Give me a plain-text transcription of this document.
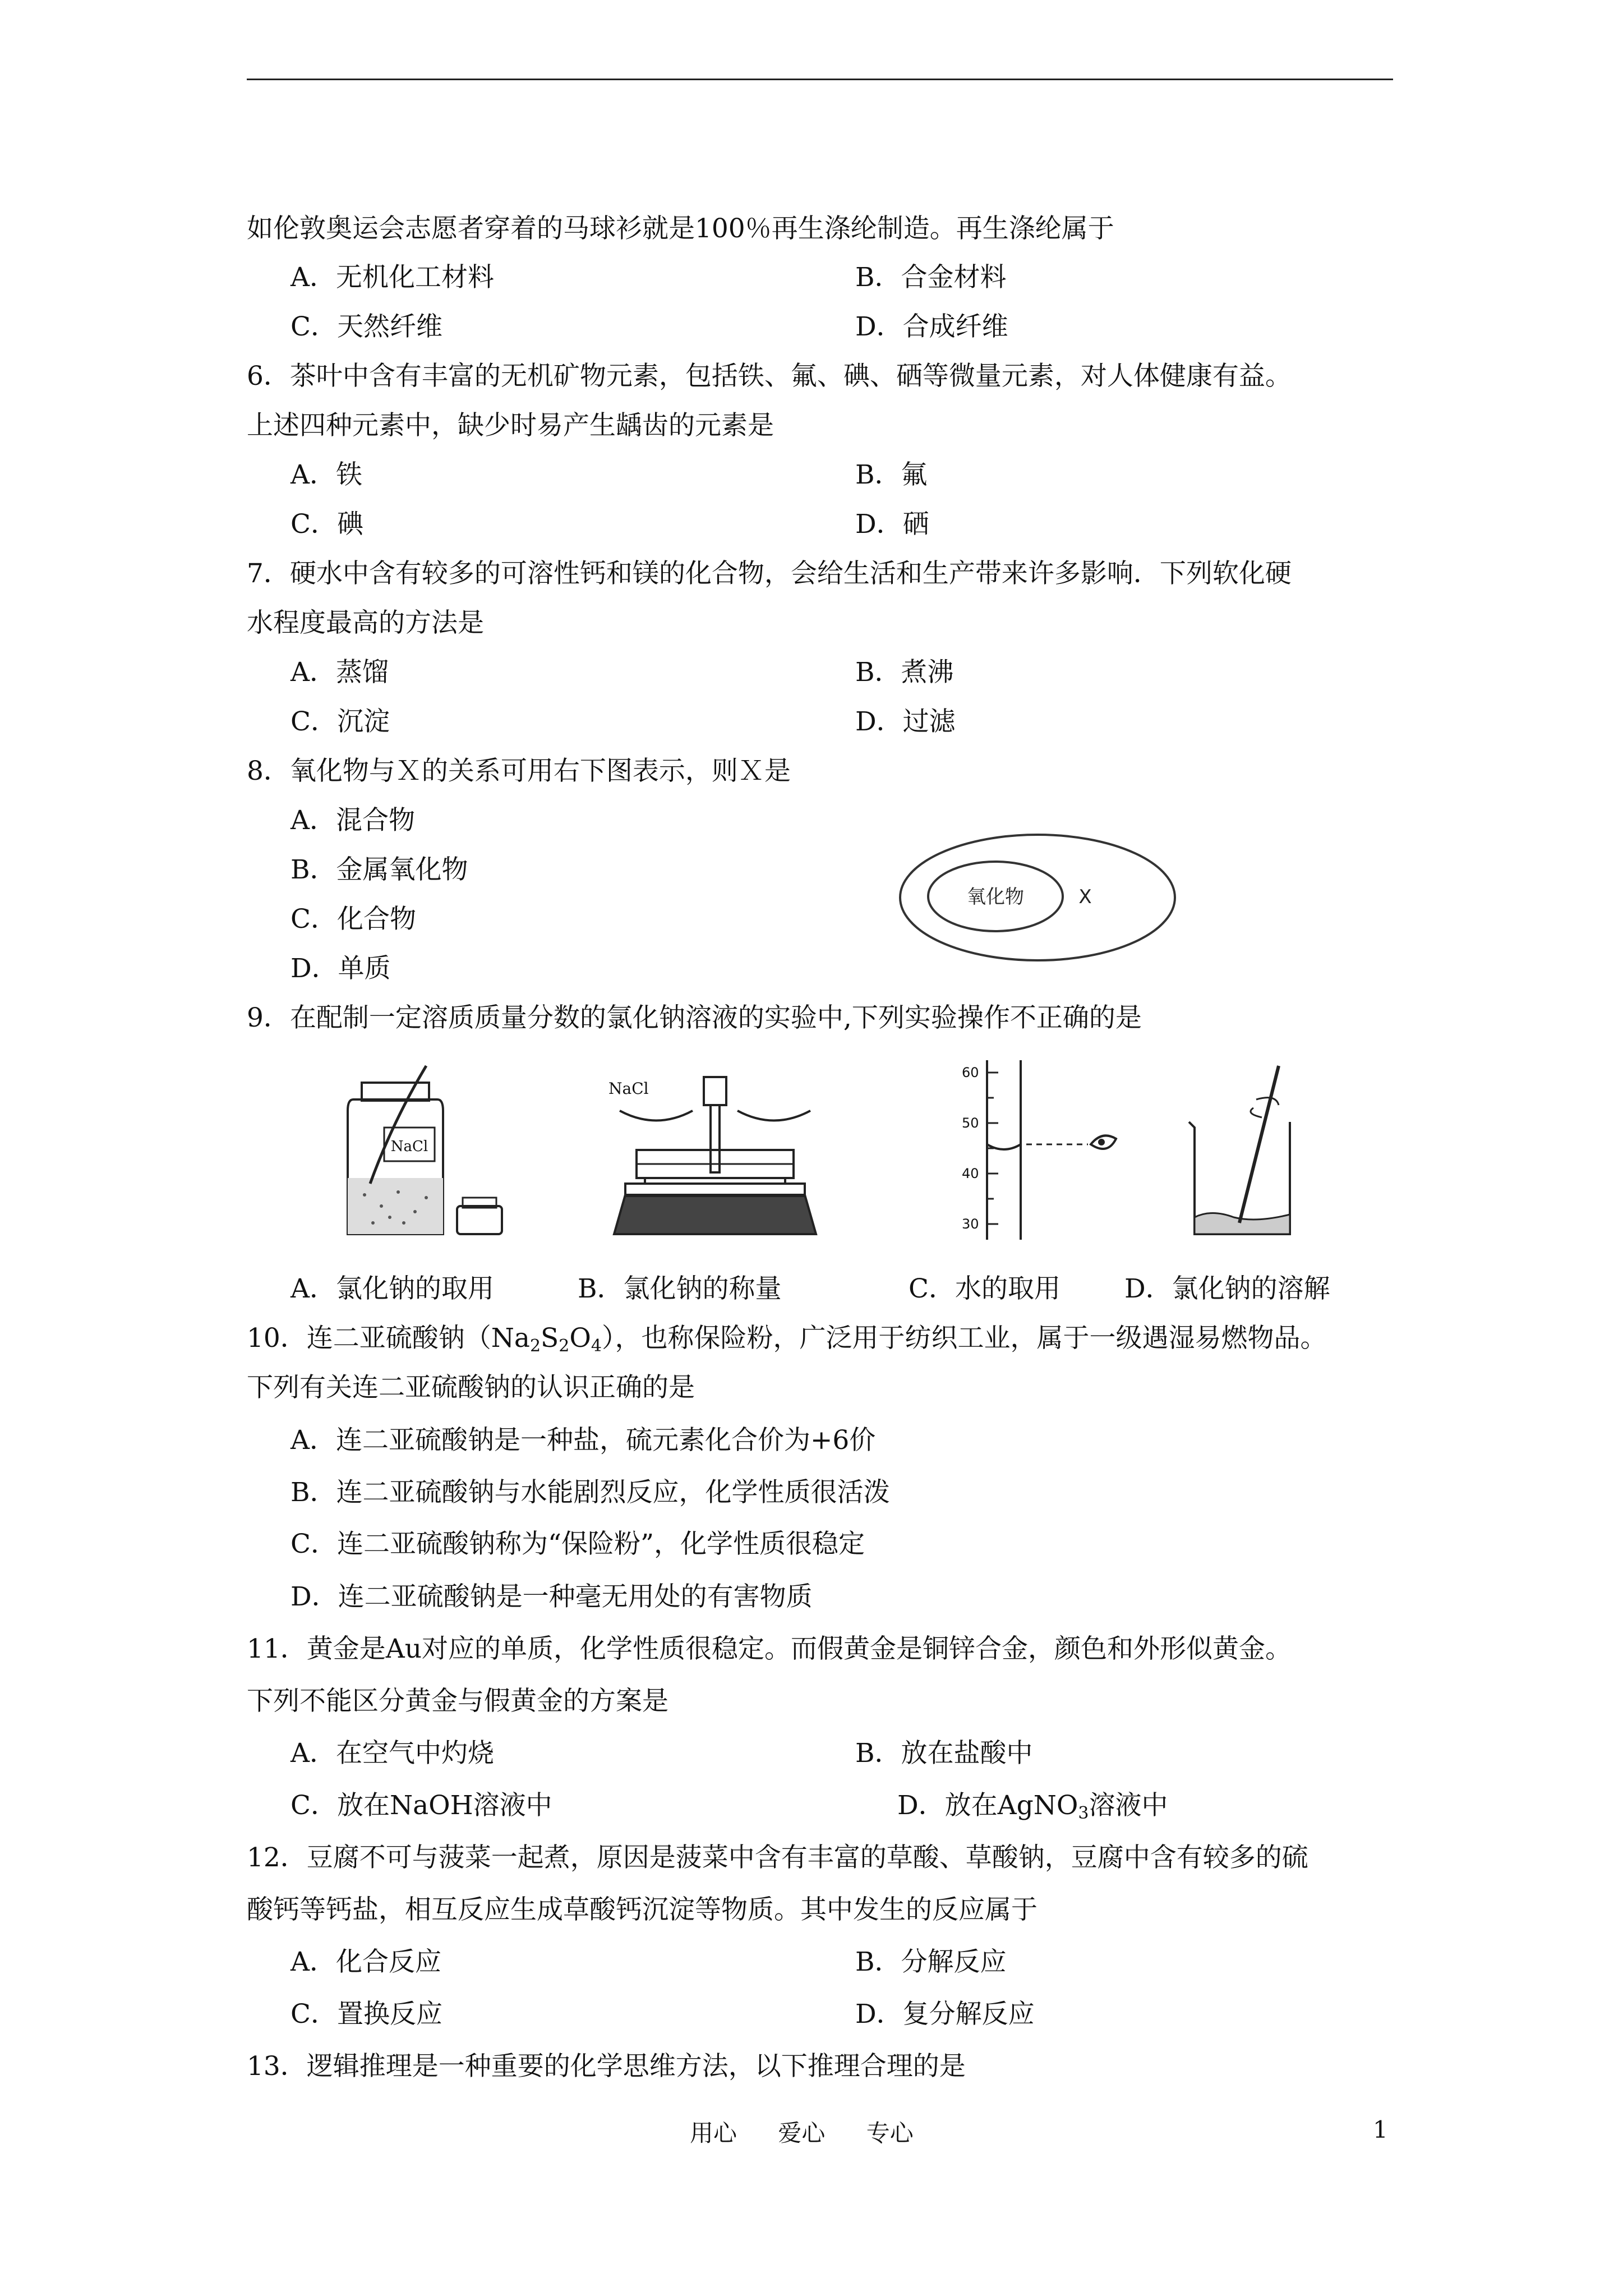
如伦敦奥运会志愿者穿着的马球衫就是100％再生涤纶制造。再生涤纶属于
A．无机化工材料	B．合金材料
C．天然纤维	D．合成纤维
6．茶叶中含有丰富的无机矿物元素，包括铁、氟、碘、硒等微量元素，对人体健康有益。
上述四种元素中，缺少时易产生龋齿的元素是
A．铁	B．氟
C．碘	D．硒
7．硬水中含有较多的可溶性钙和镁的化合物，会给生活和生产带来许多影响．下列软化硬
水程度最高的方法是
A．蒸馏	B．煮沸
C．沉淀	D．过滤
8．氧化物与Ｘ的关系可用右下图表示，则Ｘ是
A．混合物
B．金属氧化物
C．化合物
D．单质
氧化物	X
9．在配制一定溶质质量分数的氯化钠溶液的实验中,下列实验操作不正确的是
NaCl
NaCl
60
50
40
30
A．氯化钠的取用	B．氯化钠的称量	C．水的取用 D．氯化钠的溶解
10．连二亚硫酸钠$(Na_2S_2O_4)$，也称保险粉，广泛用于纺织工业，属于一级遇湿易燃物品。
下列有关连二亚硫酸钠的认识正确的是
A．连二亚硫酸钠是一种盐，硫元素化合价为+6价
B．连二亚硫酸钠与水能剧烈反应，化学性质很活泼
C．连二亚硫酸钠称为“保险粉”，化学性质很稳定
D．连二亚硫酸钠是一种毫无用处的有害物质
11．黄金是Au对应的单质，化学性质很稳定。而假黄金是铜锌合金，颜色和外形似黄金。
下列不能区分黄金与假黄金的方案是
A．在空气中灼烧	B．放在盐酸中
C．放在NaOH溶液中	D．放在AgNO$_3$溶液中
12．豆腐不可与菠菜一起煮，原因是菠菜中含有丰富的草酸、草酸钠，豆腐中含有较多的硫
酸钙等钙盐，相互反应生成草酸钙沉淀等物质。其中发生的反应属于
A．化合反应	B．分解反应
C．置换反应	D．复分解反应
13．逻辑推理是一种重要的化学思维方法，以下推理合理的是
用心 爱心 专心	1
